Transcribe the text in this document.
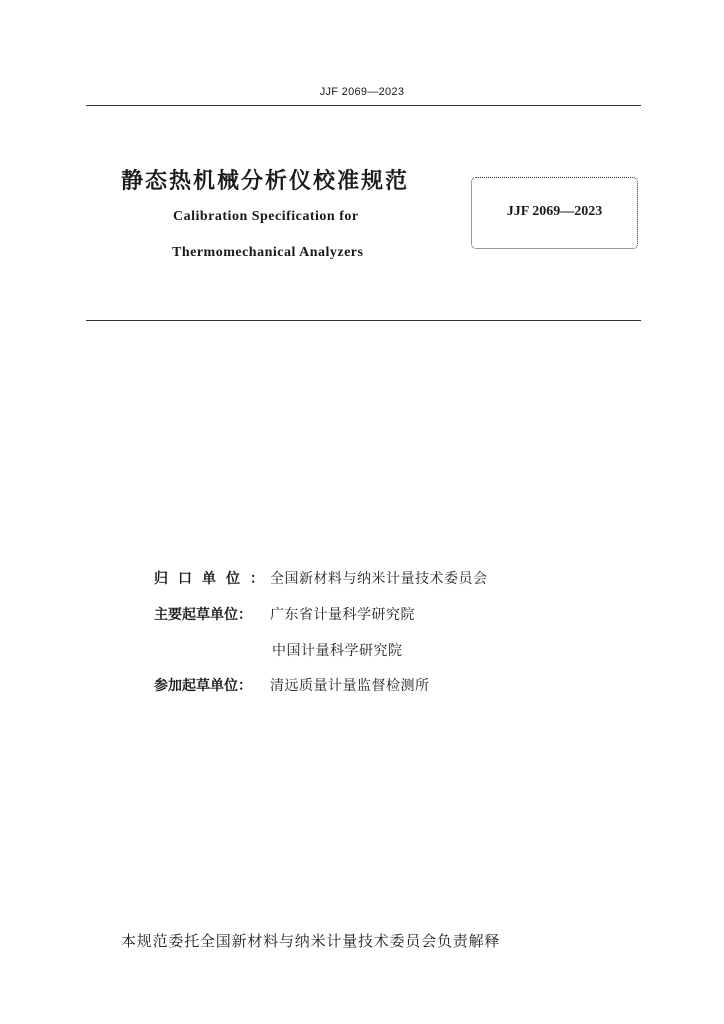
JJF 2069—2023
静态热机械分析仪校准规范
Calibration Specification for
Thermomechanical Analyzers
JJF 2069—2023
归口单位：全国新材料与纳米计量技术委员会
主要起草单位： 广东省计量科学研究院
中国计量科学研究院
参加起草单位： 清远质量计量监督检测所
本规范委托全国新材料与纳米计量技术委员会负责解释
